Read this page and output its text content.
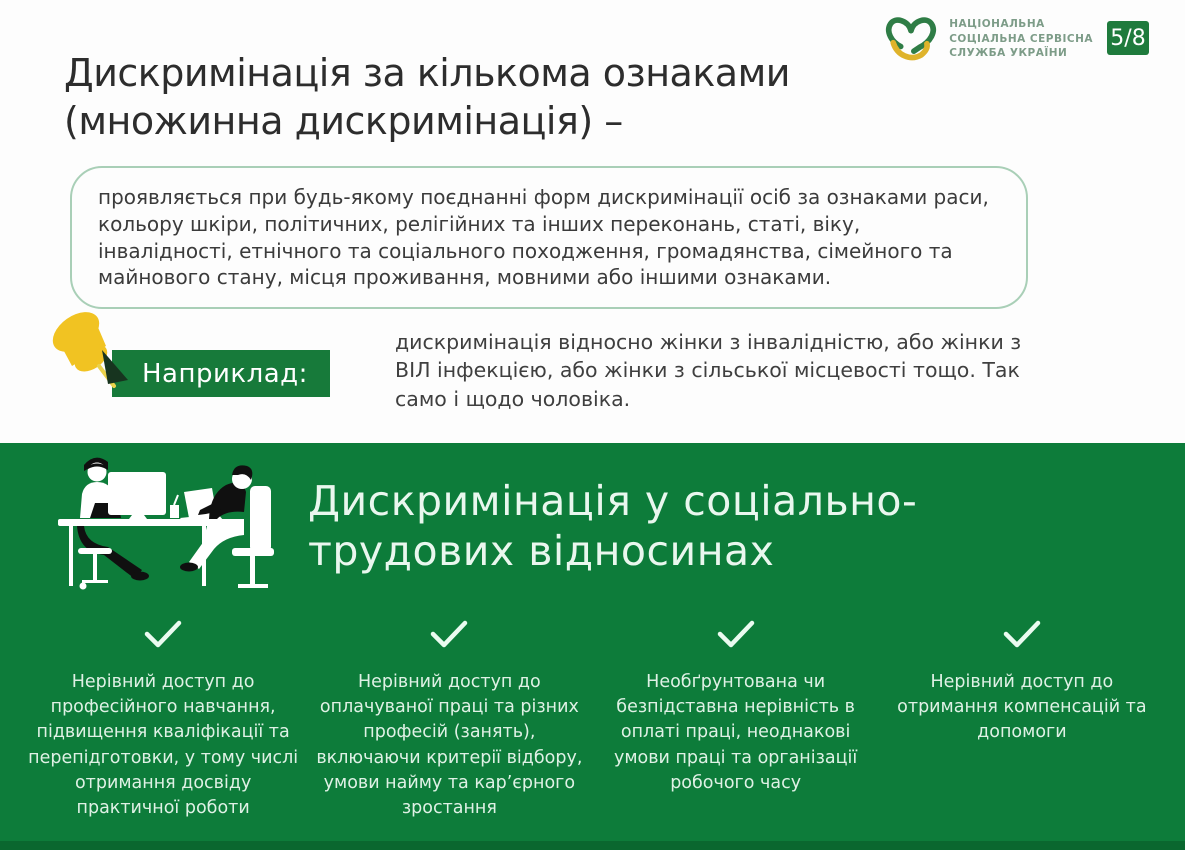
НАЦІОНАЛЬНА
СОЦІАЛЬНА СЕРВІСНА
СЛУЖБА УКРАЇНИ
5/8
Дискримінація за кількома ознаками
(множинна дискримінація) –
проявляється при будь-якому поєднанні форм дискримінації осіб за ознаками раси, кольору шкіри, політичних, релігійних та інших переконань, статі, віку, інвалідності, етнічного та соціального походження, громадянства, сімейного та майнового стану, місця проживання, мовними або іншими ознаками.
Наприклад:
дискримінація відносно жінки з інвалідністю, або жінки з ВІЛ інфекцією, або жінки з сільської місцевості тощо. Так само і щодо чоловіка.
Дискримінація у соціально-
трудових відносинах
Нерівний доступ до професійного навчання, підвищення кваліфікації та перепідготовки, у тому числі отримання досвіду практичної роботи
Нерівний доступ до оплачуваної праці та різних професій (занять), включаючи критерії відбору, умови найму та кар’єрного зростання
Необґрунтована чи безпідставна нерівність в оплаті праці, неоднакові умови праці та організації робочого часу
Нерівний доступ до отримання компенсацій та допомоги
